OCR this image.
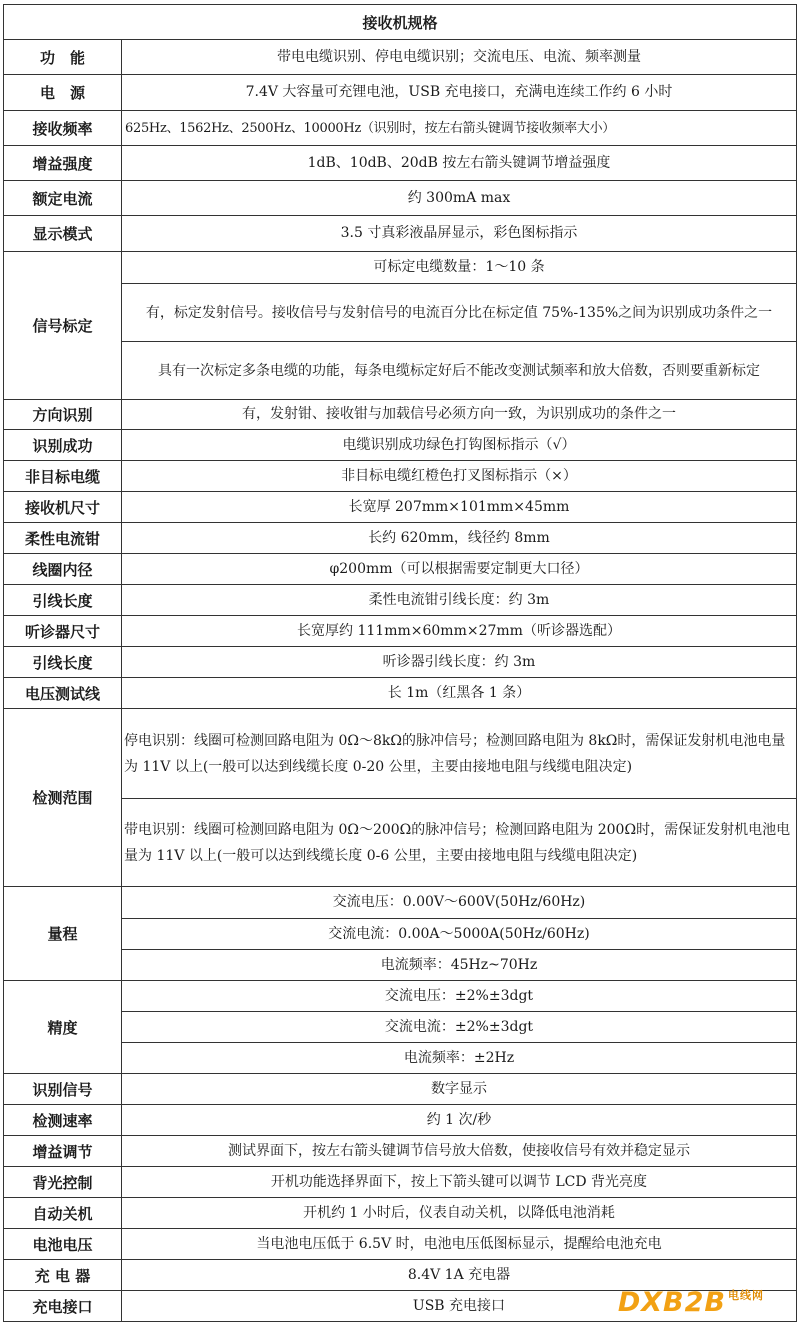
接收机规格	
功　能	带电电缆识别、停电电缆识别；交流电压、电流、频率测量
电　源	7.4V 大容量可充锂电池，USB 充电接口，充满电连续工作约 6 小时
接收频率	625Hz、1562Hz、2500Hz、10000Hz（识别时，按左右箭头键调节接收频率大小）
增益强度	1dB、10dB、20dB 按左右箭头键调节增益强度
额定电流	约 300mA max
显示模式	3.5 寸真彩液晶屏显示，彩色图标指示
信号标定	可标定电缆数量：1～10 条
	有，标定发射信号。接收信号与发射信号的电流百分比在标定值 75%-135%之间为识别成功条件之一
	具有一次标定多条电缆的功能，每条电缆标定好后不能改变测试频率和放大倍数，否则要重新标定
方向识别	有，发射钳、接收钳与加载信号必须方向一致，为识别成功的条件之一
识别成功	电缆识别成功绿色打钩图标指示（√）
非目标电缆	非目标电缆红橙色打叉图标指示（×）
接收机尺寸	长宽厚 207mm×101mm×45mm
柔性电流钳	长约 620mm，线径约 8mm
线圈内径	φ200mm（可以根据需要定制更大口径）
引线长度	柔性电流钳引线长度：约 3m
听诊器尺寸	长宽厚约 111mm×60mm×27mm（听诊器选配）
引线长度	听诊器引线长度：约 3m
电压测试线	长 1m（红黑各 1 条）
检测范围	停电识别：线圈可检测回路电阻为 0Ω～8kΩ的脉冲信号；检测回路电阻为 8kΩ时，需保证发射机电池电量为 11V 以上(一般可以达到线缆长度 0-20 公里，主要由接地电阻与线缆电阻决定)
	带电识别：线圈可检测回路电阻为 0Ω～200Ω的脉冲信号；检测回路电阻为 200Ω时，需保证发射机电池电量为 11V 以上(一般可以达到线缆长度 0-6 公里，主要由接地电阻与线缆电阻决定)
量程	交流电压：0.00V～600V(50Hz/60Hz)
	交流电流：0.00A～5000A(50Hz/60Hz)
	电流频率：45Hz~70Hz
精度	交流电压：±2%±3dgt
	交流电流：±2%±3dgt
	电流频率：±2Hz
识别信号	数字显示
检测速率	约 1 次/秒
增益调节	测试界面下，按左右箭头键调节信号放大倍数，使接收信号有效并稳定显示
背光控制	开机功能选择界面下，按上下箭头键可以调节 LCD 背光亮度
自动关机	开机约 1 小时后，仪表自动关机，以降低电池消耗
电池电压	当电池电压低于 6.5V 时，电池电压低图标显示，提醒给电池充电
充 电 器	8.4V 1A 充电器
充电接口	USB 充电接口	DXB2B $^{电线网}$
